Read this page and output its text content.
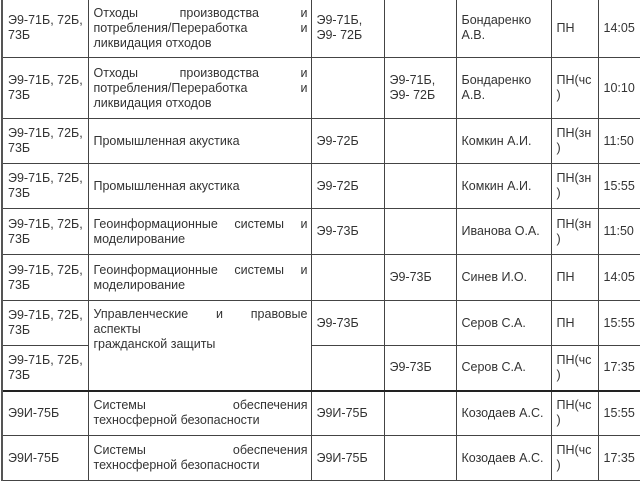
Э9-71Б, 72Б, 73Б	Отходы производства и потребления/Переработка и ликвидация отходов	Э9-71Б, Э9- 72Б		Бондаренко А.В.	ПН	14:05
Э9-71Б, 72Б, 73Б	Отходы производства и потребления/Переработка и ликвидация отходов		Э9-71Б, Э9- 72Б	Бондаренко А.В.	ПН(чс)	10:10
Э9-71Б, 72Б, 73Б	Промышленная акустика	Э9-72Б		Комкин А.И.	ПН(зн)	11:50
Э9-71Б, 72Б, 73Б	Промышленная акустика	Э9-72Б		Комкин А.И.	ПН(зн)	15:55
Э9-71Б, 72Б, 73Б	Геоинформационные системы и моделирование	Э9-73Б		Иванова О.А.	ПН(зн)	11:50
Э9-71Б, 72Б, 73Б	Геоинформационные системы и моделирование		Э9-73Б	Синев И.О.	ПН	14:05
Э9-71Б, 72Б, 73Б	Управленческие и правовые аспекты
гражданской защиты	Э9-73Б		Серов С.А.	ПН	15:55
Э9-71Б, 72Б, 73Б			Э9-73Б	Серов С.А.	ПН(чс)	17:35
Э9И-75Б	Системы обеспечения техносферной безопасности	Э9И-75Б		Козодаев А.С.	ПН(чс)	15:55
Э9И-75Б	Системы обеспечения техносферной безопасности	Э9И-75Б		Козодаев А.С.	ПН(чс)	17:35
